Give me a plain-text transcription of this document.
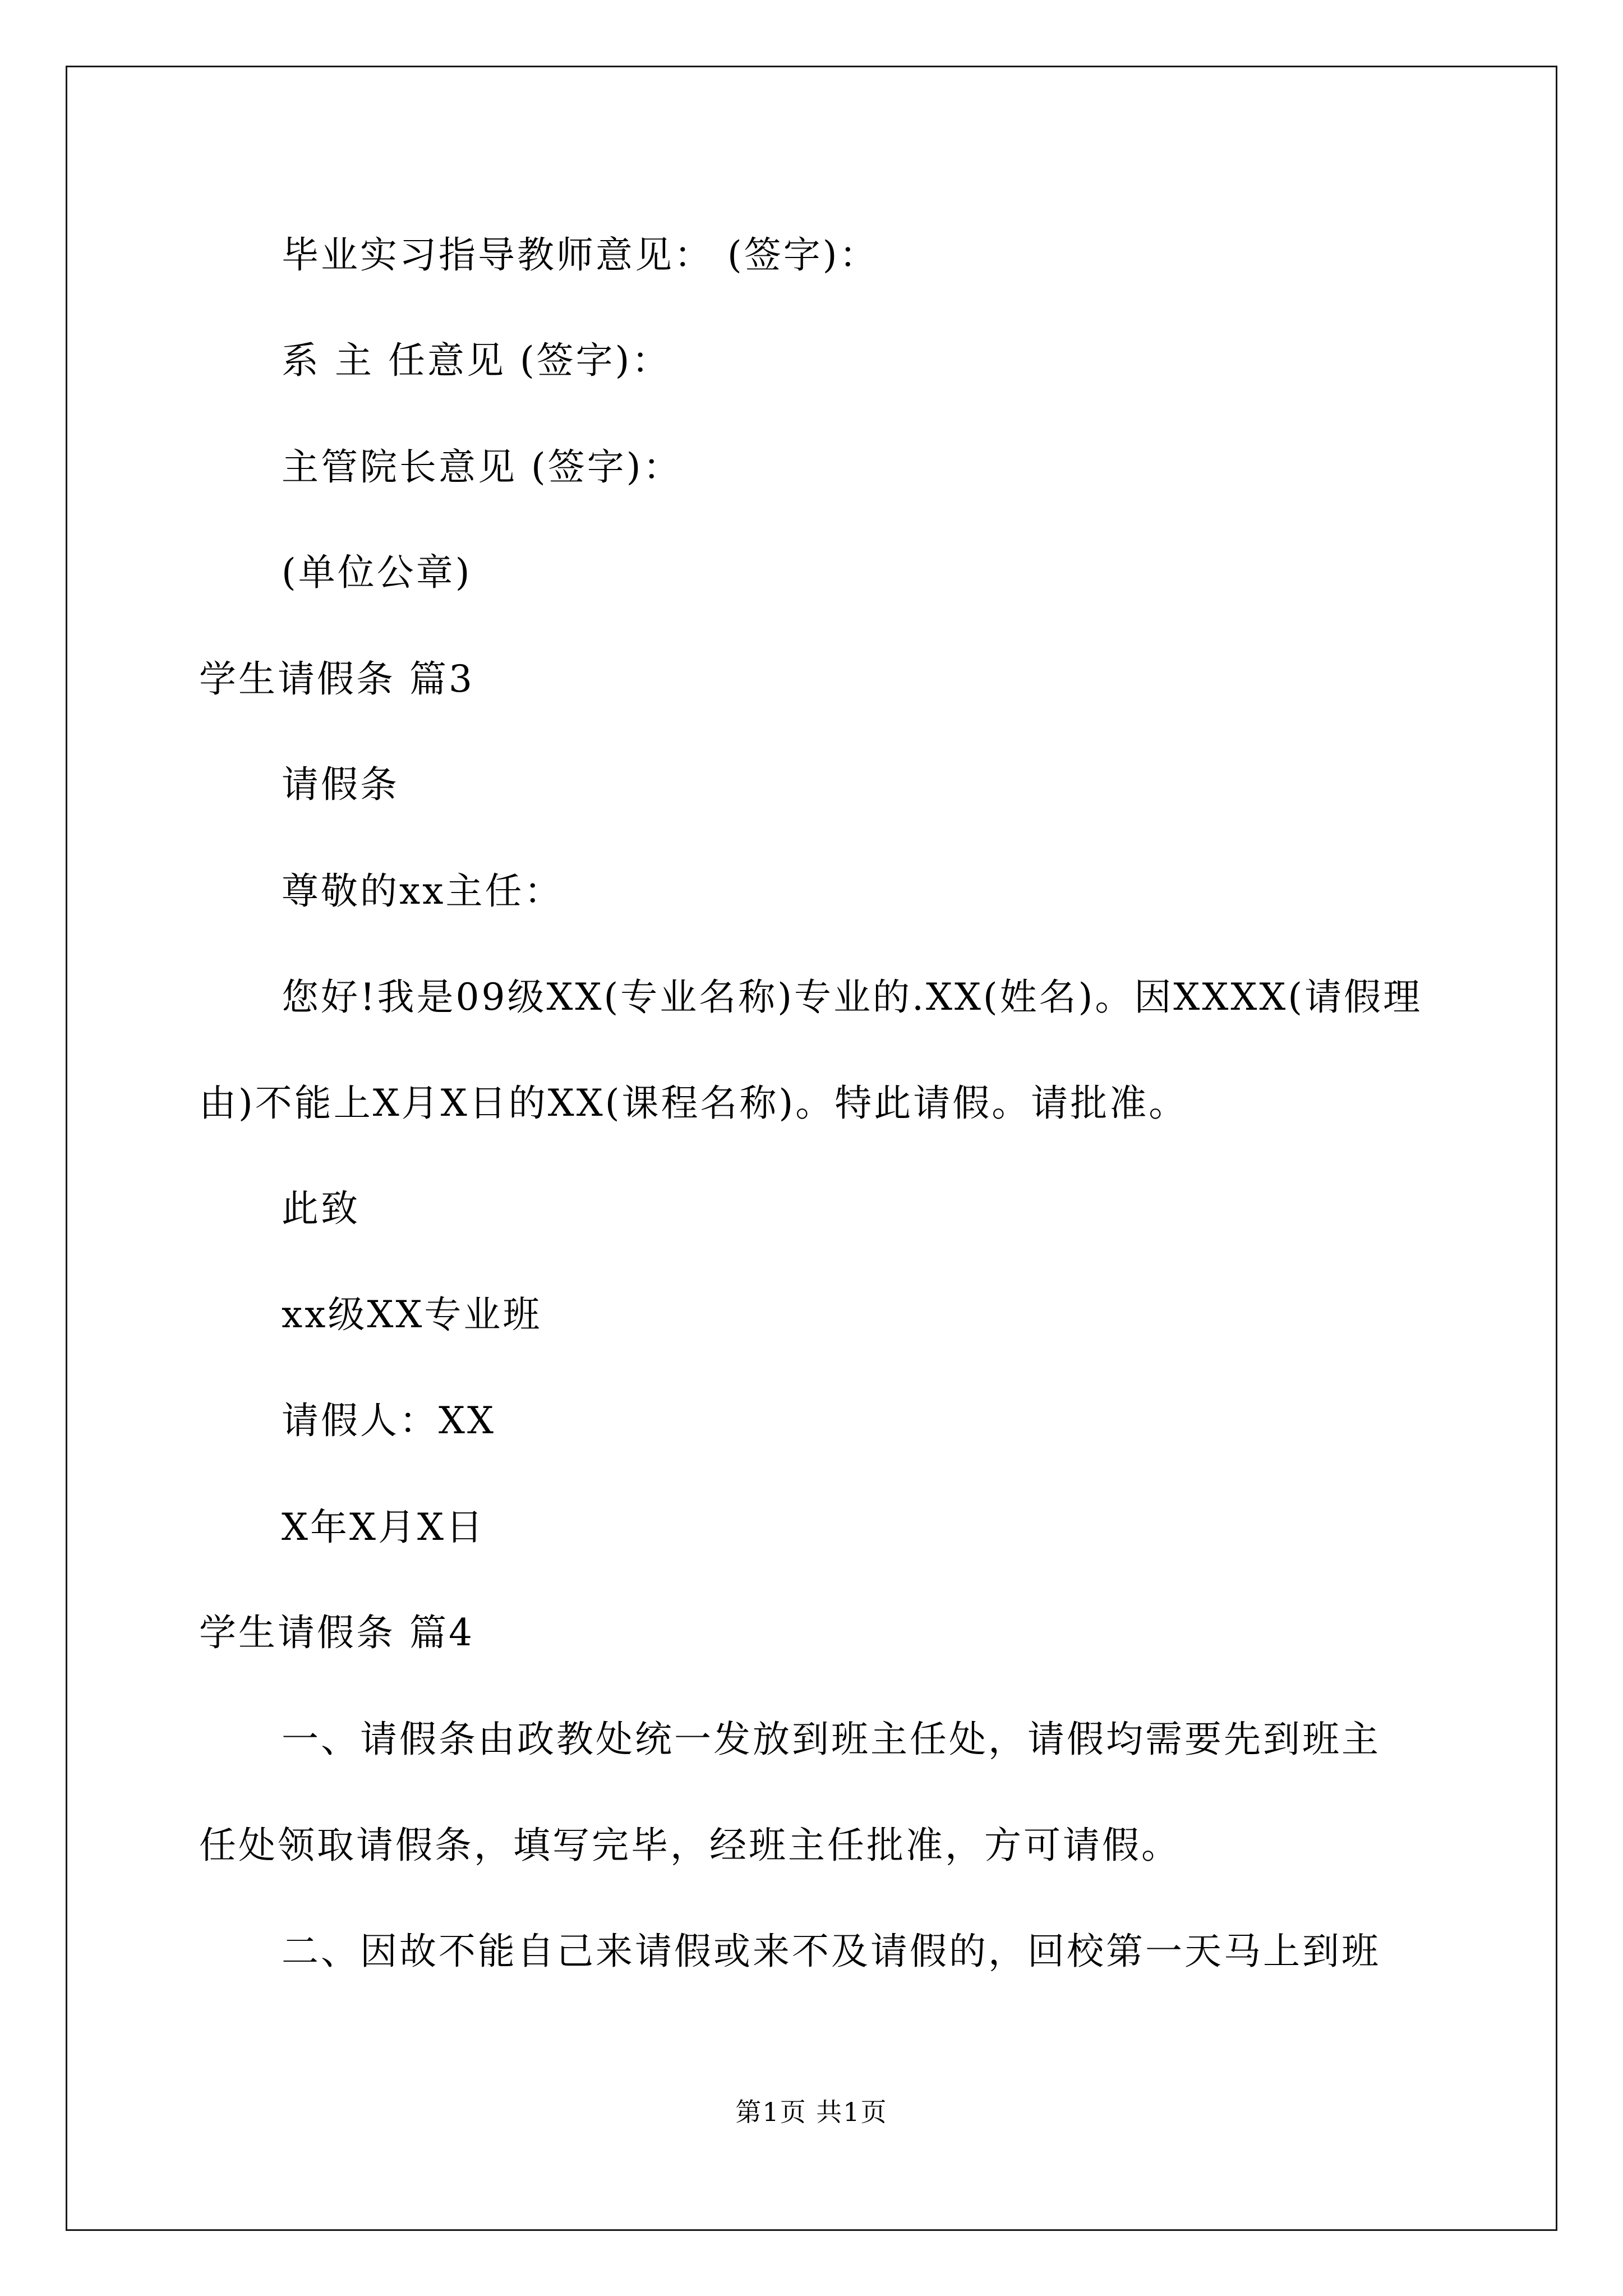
毕业实习指导教师意见： (签字)：
系 主 任意见 (签字)：
主管院长意见 (签字)：
(单位公章)
学生请假条 篇3
请假条
尊敬的xx主任：
您好!我是09级XX(专业名称)专业的.XX(姓名)。因XXXX(请假理
由)不能上X月X日的XX(课程名称)。特此请假。请批准。
此致
xx级XX专业班
请假人：XX
X年X月X日
学生请假条 篇4
一、请假条由政教处统一发放到班主任处，请假均需要先到班主
任处领取请假条，填写完毕，经班主任批准，方可请假。
二、因故不能自己来请假或来不及请假的，回校第一天马上到班
第1页 共1页
